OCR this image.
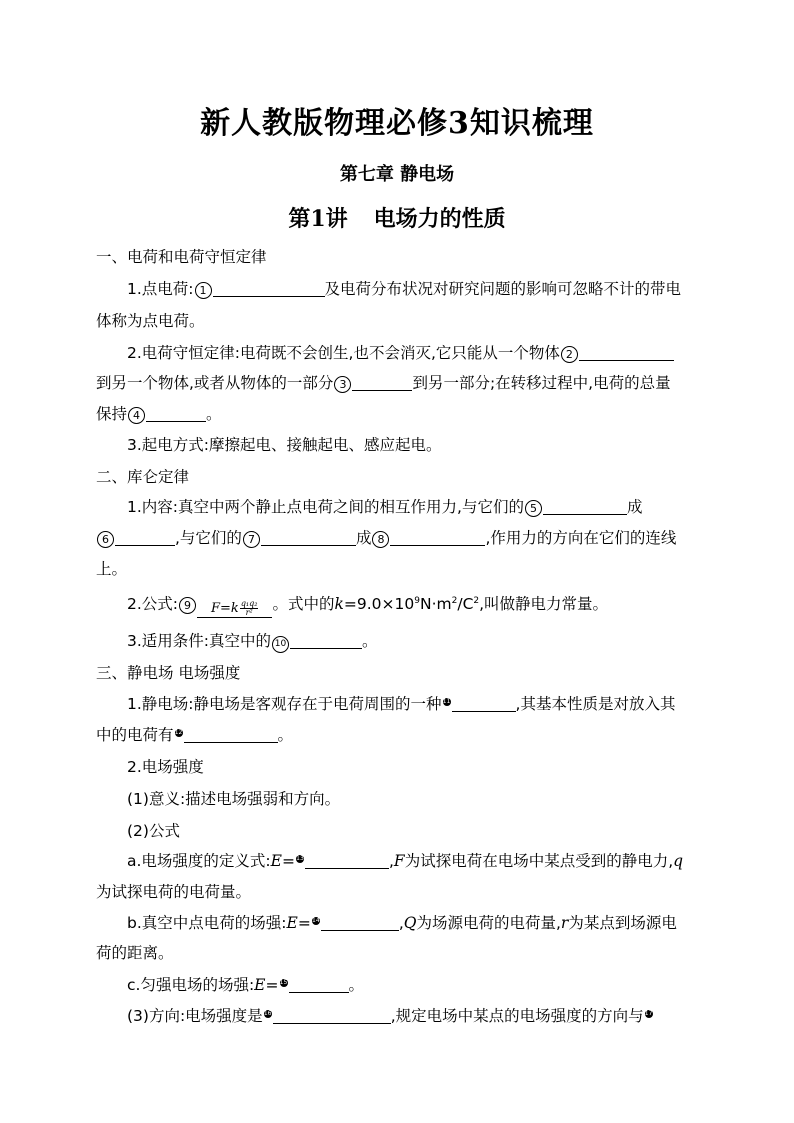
新人教版物理必修3知识梳理
第七章 静电场
第1讲 电场力的性质
一、电荷和电荷守恒定律
1.点电荷: 1	及电荷分布状况对研究问题的影响可忽略不计的带电
体称为点电荷。
2.电荷守恒定律:电荷既不会创生,也不会消灭,它只能从一个物体 2
到另一个物体,或者从物体的一部分 3	到另一部分;在转移过程中,电荷的总量
保持 4	。
3.起电方式:摩擦起电、接触起电、感应起电。
二、库仑定律
1.内容:真空中两个静止点电荷之间的相互作用力,与它们的 5	成
6	,与它们的 7	成 8	,作用力的方向在它们的连线
上。
2.公式: 9 $F=k \frac{\text{q₁q₂}}{\text{r²}}$ 。式中的$k=9.0\times 10^9N\cdot m^2/C^2$,叫做静电力常量。
3.适用条件:真空中的 10	。
三、静电场 电场强度
1.静电场:静电场是客观存在于电荷周围的一种11	,其基本性质是对放入其
中的电荷有12	。
2.电场强度
(1)意义:描述电场强弱和方向。
(2)公式
a.电场强度的定义式:E=13	,F为试探电荷在电场中某点受到的静电力,q
为试探电荷的电荷量。
b.真空中点电荷的场强:E=14	,Q为场源电荷的电荷量,r为某点到场源电
荷的距离。
c.匀强电场的场强:E=15	。
(3)方向:电场强度是16	,规定电场中某点的电场强度的方向与17
